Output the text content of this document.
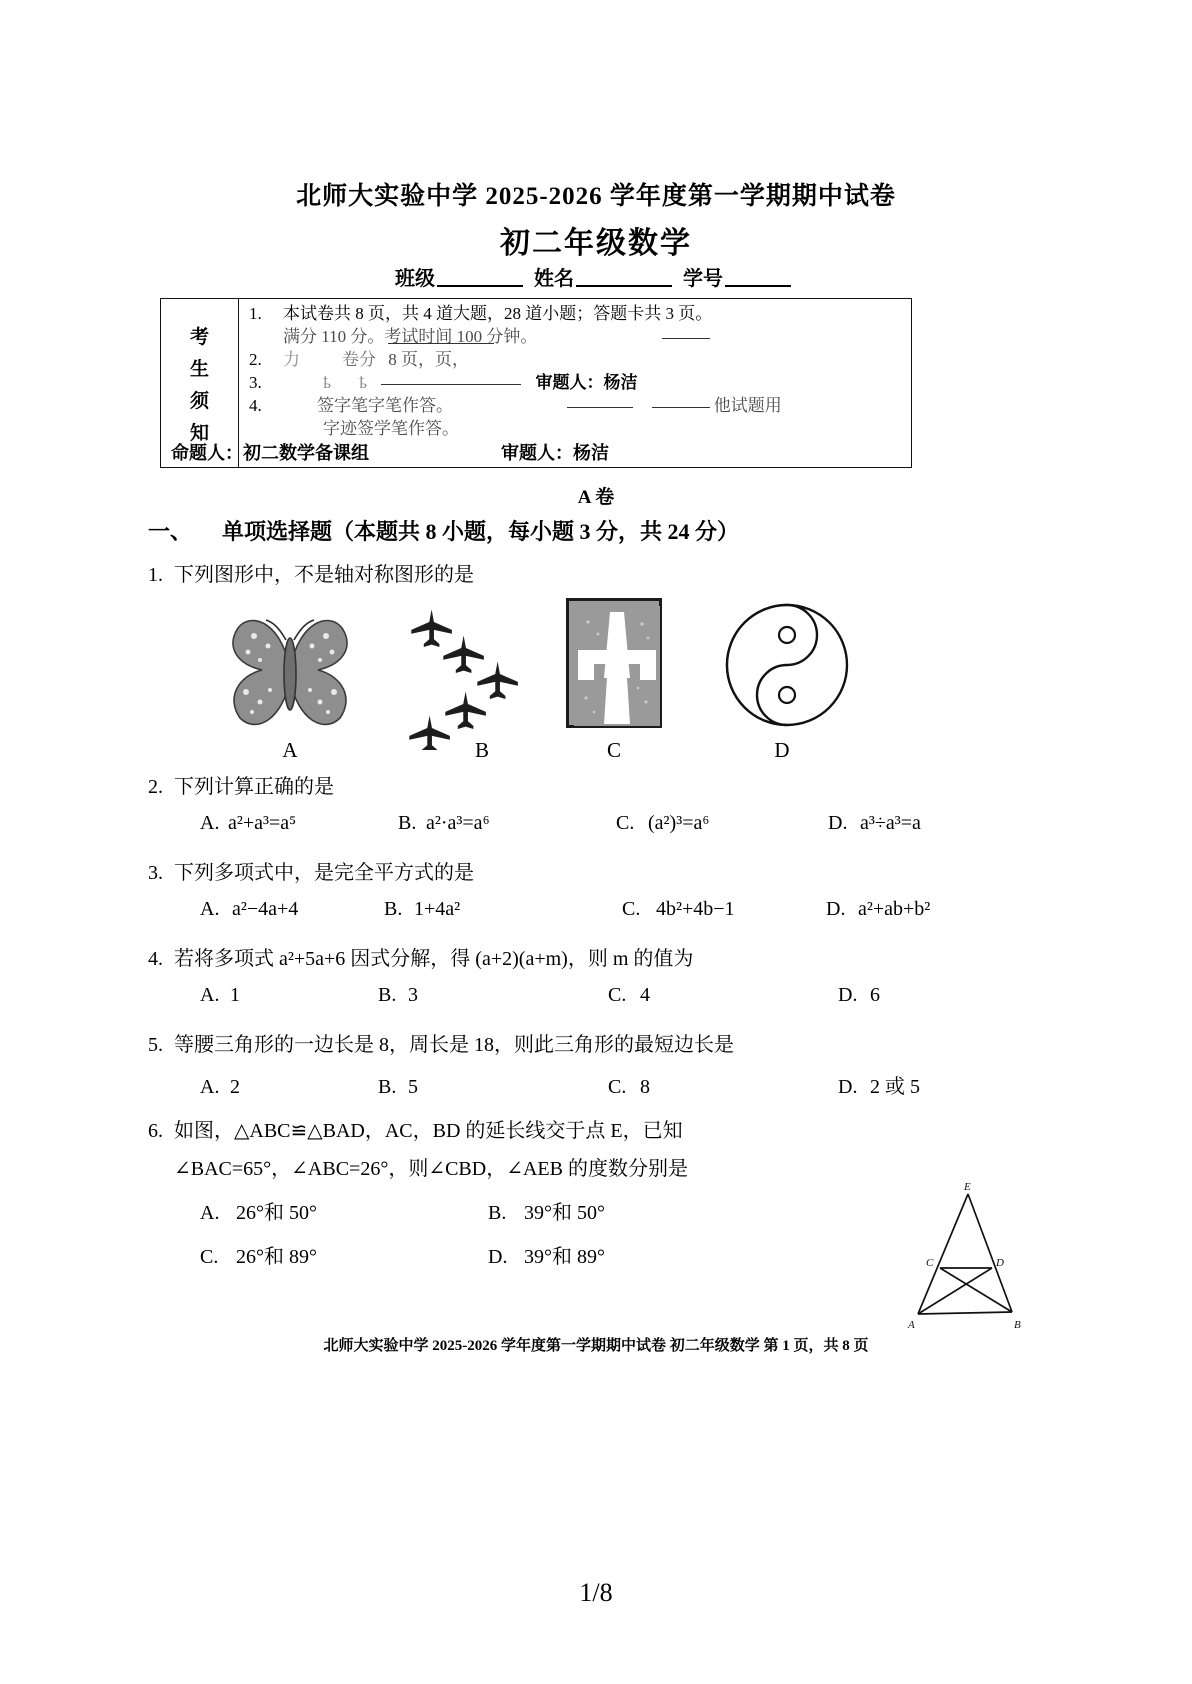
北师大实验中学 2025-2026 学年度第一学期期中试卷
初二年级数学
班级	姓名	学号
考
生
须
知
1. 本试卷共 8 页，共 4 道大题，28 道小题；答题卡共 3 页。
满分 110 分。考试时间 100 分钟。
2. 力 卷分 8 页，页，
3.	ҍ ҍ	审题人：杨洁
4.	签字笔字笔作答。	他试题用
字迹签学笔作答。
命题人：初二数学备课组	审题人：杨洁
A 卷
一、 单项选择题（本题共 8 小题，每小题 3 分，共 24 分）
1. 下列图形中，不是轴对称图形的是
A	B	C	D
2. 下列计算正确的是
A. a²+a³=a⁵	B. a²·a³=a⁶	C. (a²)³=a⁶	D. a³÷a³=a
3. 下列多项式中，是完全平方式的是
A. a²−4a+4	B. 1+4a²	C. 4b²+4b−1	D. a²+ab+b²
4. 若将多项式 a²+5a+6 因式分解，得 (a+2)(a+m)，则 m 的值为
A. 1	B. 3	C. 4	D. 6
5. 等腰三角形的一边长是 8，周长是 18，则此三角形的最短边长是
A. 2	B. 5	C. 8	D. 2 或 5
6. 如图，△ABC≌△BAD，AC，BD 的延长线交于点 E，已知
∠BAC=65°，∠ABC=26°，则∠CBD，∠AEB 的度数分别是
A. 26°和 50°	B. 39°和 50°
C. 26°和 89°	D. 39°和 89°
E
C	D
A	B
北师大实验中学 2025-2026 学年度第一学期期中试卷 初二年级数学 第 1 页，共 8 页
1/8
